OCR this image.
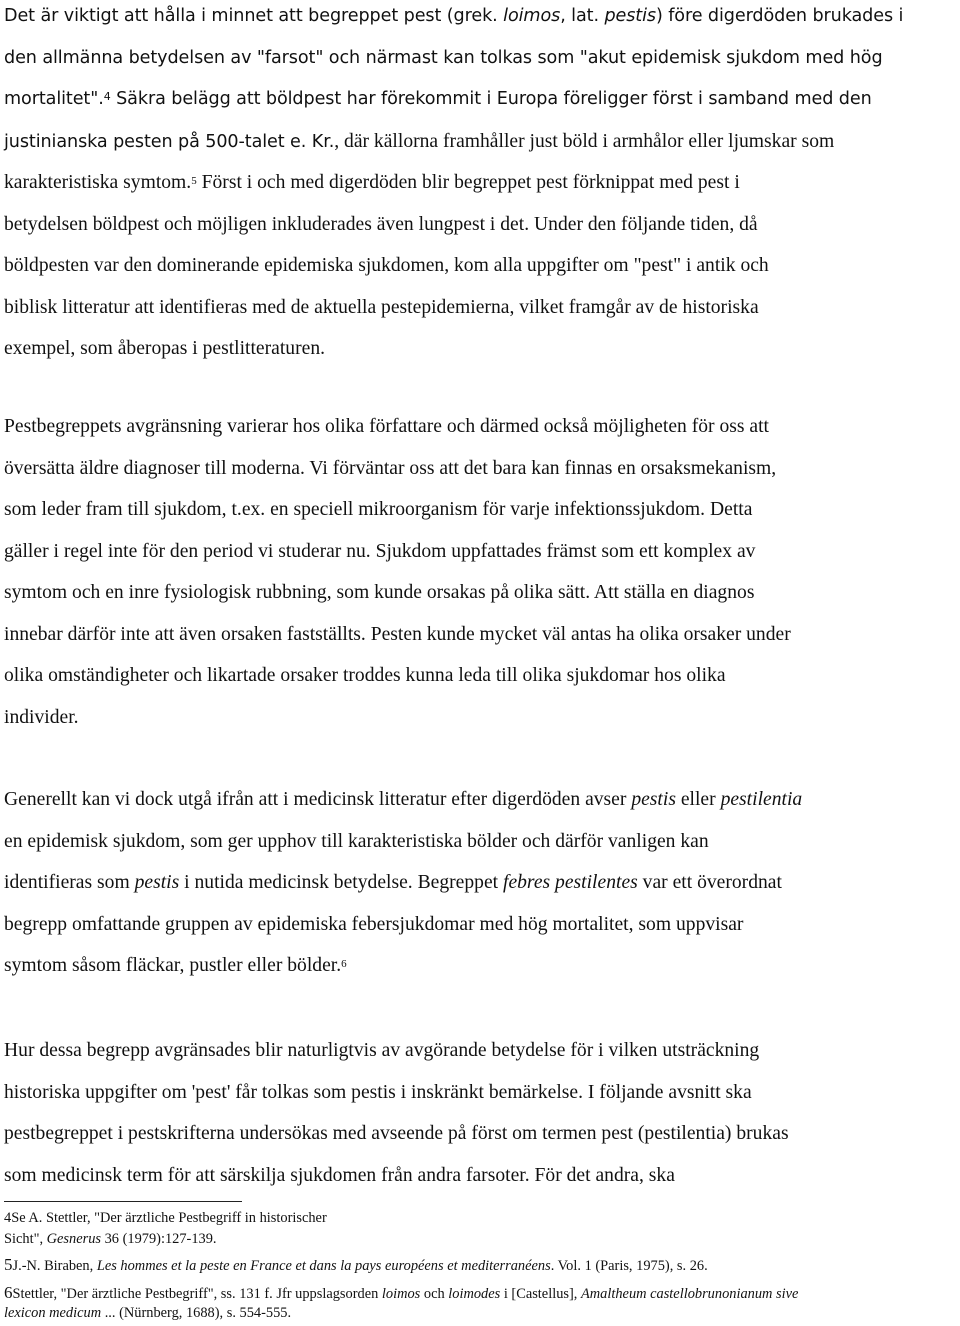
Det är viktigt att hålla i minnet att begreppet pest (grek. loimos, lat. pestis) före digerdöden brukades i
den allmänna betydelsen av "farsot" och närmast kan tolkas som "akut epidemisk sjukdom med hög
mortalitet".$^4$ Säkra belägg att böldpest har förekommit i Europa föreligger först i samband med den
justinianska pesten på 500-talet e. Kr., där källorna framhåller just böld i armhålor eller ljumskar som
karakteristiska symtom.$^5$ Först i och med digerdöden blir begreppet pest förknippat med pest i
betydelsen böldpest och möjligen inkluderades även lungpest i det. Under den följande tiden, då
böldpesten var den dominerande epidemiska sjukdomen, kom alla uppgifter om "pest" i antik och
biblisk litteratur att identifieras med de aktuella pestepidemierna, vilket framgår av de historiska
exempel, som åberopas i pestlitteraturen.
Pestbegreppets avgränsning varierar hos olika författare och därmed också möjligheten för oss att
översätta äldre diagnoser till moderna. Vi förväntar oss att det bara kan finnas en orsaksmekanism,
som leder fram till sjukdom, t.ex. en speciell mikroorganism för varje infektionssjukdom. Detta
gäller i regel inte för den period vi studerar nu. Sjukdom uppfattades främst som ett komplex av
symtom och en inre fysiologisk rubbning, som kunde orsakas på olika sätt. Att ställa en diagnos
innebar därför inte att även orsaken fastställts. Pesten kunde mycket väl antas ha olika orsaker under
olika omständigheter och likartade orsaker troddes kunna leda till olika sjukdomar hos olika
individer.
Generellt kan vi dock utgå ifrån att i medicinsk litteratur efter digerdöden avser pestis eller pestilentia
en epidemisk sjukdom, som ger upphov till karakteristiska bölder och därför vanligen kan
identifieras som pestis i nutida medicinsk betydelse. Begreppet febres pestilentes var ett överordnat
begrepp omfattande gruppen av epidemiska febersjukdomar med hög mortalitet, som uppvisar
symtom såsom fläckar, pustler eller bölder.$^6$
Hur dessa begrepp avgränsades blir naturligtvis av avgörande betydelse för i vilken utsträckning
historiska uppgifter om 'pest' får tolkas som pestis i inskränkt bemärkelse. I följande avsnitt ska
pestbegreppet i pestskrifterna undersökas med avseende på först om termen pest (pestilentia) brukas
som medicinsk term för att särskilja sjukdomen från andra farsoter. För det andra, ska
4Se A. Stettler, "Der ärztliche Pestbegriff in historischer
Sicht", Gesnerus 36 (1979):127-139.
5J.-N. Biraben, Les hommes et la peste en France et dans la pays européens et mediterranéens. Vol. 1 (Paris, 1975), s. 26.
6Stettler, "Der ärztliche Pestbegriff", ss. 131 f. Jfr uppslagsorden loimos och loimodes i [Castellus], Amaltheum castellobrunonianum sive
lexicon medicum ... (Nürnberg, 1688), s. 554-555.
